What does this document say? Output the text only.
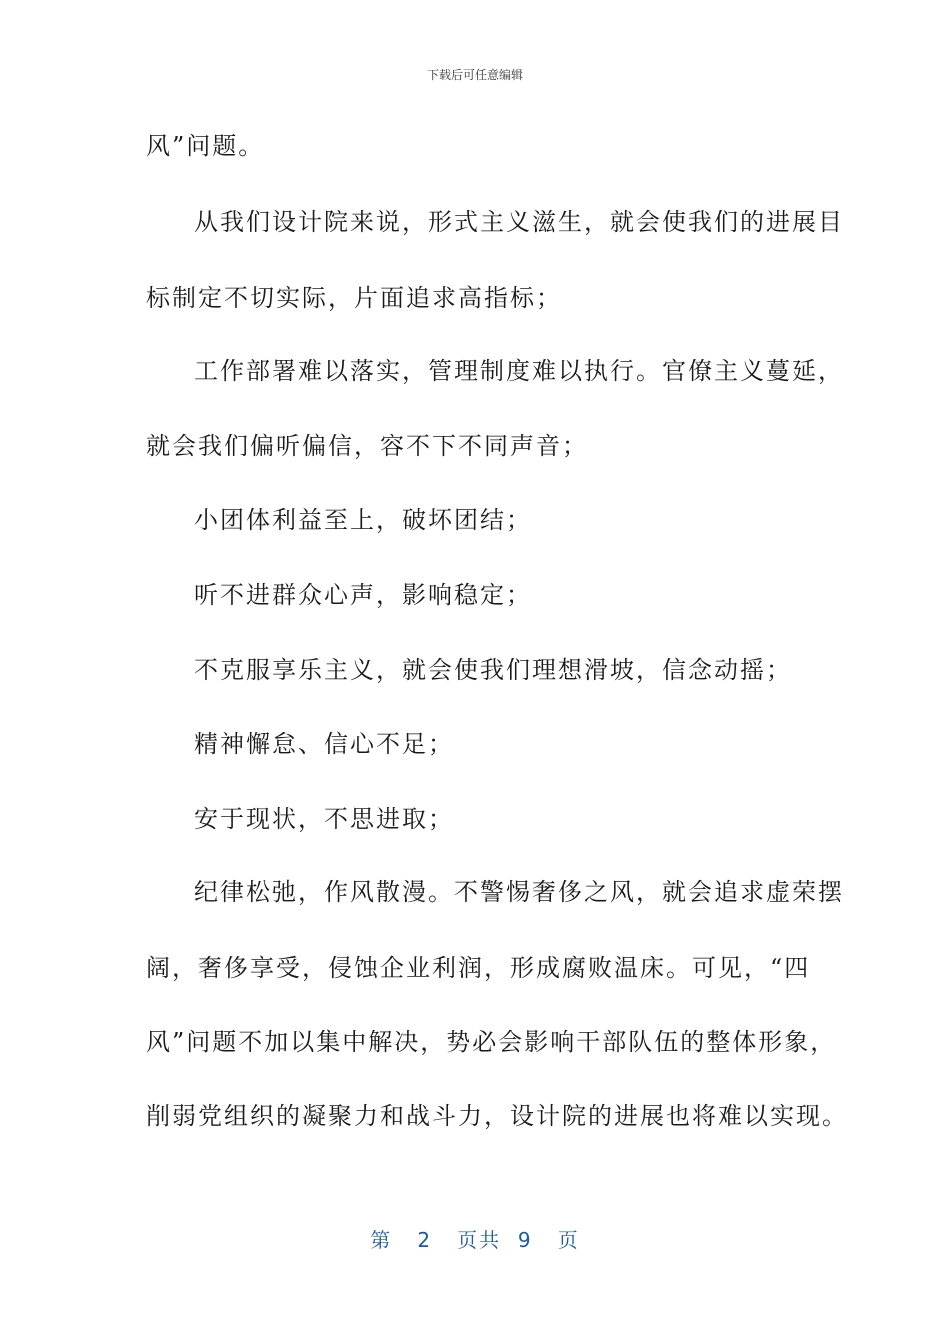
下载后可任意编辑
风”问题。
从我们设计院来说，形式主义滋生，就会使我们的进展目
标制定不切实际，片面追求高指标；
工作部署难以落实，管理制度难以执行。官僚主义蔓延，
就会我们偏听偏信，容不下不同声音；
小团体利益至上，破坏团结；
听不进群众心声，影响稳定；
不克服享乐主义，就会使我们理想滑坡，信念动摇；
精神懈怠、信心不足；
安于现状，不思进取；
纪律松弛，作风散漫。不警惕奢侈之风，就会追求虚荣摆
阔，奢侈享受，侵蚀企业利润，形成腐败温床。可见，“四
风”问题不加以集中解决，势必会影响干部队伍的整体形象，
削弱党组织的凝聚力和战斗力，设计院的进展也将难以实现。
第 2 页共 9 页
